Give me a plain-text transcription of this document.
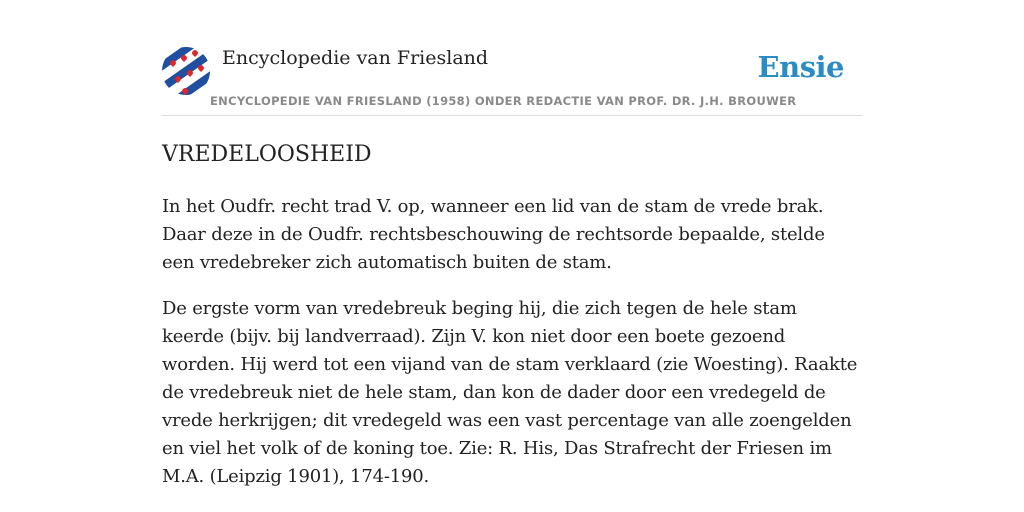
Encyclopedie van Friesland
ENCYCLOPEDIE VAN FRIESLAND (1958) ONDER REDACTIE VAN PROF. DR. J.H. BROUWER
Ensie
VREDELOOSHEID

In het Oudfr. recht trad V. op, wanneer een lid van de stam de vrede brak. Daar deze in de Oudfr. rechtsbeschouwing de rechtsorde bepaalde, stelde een vredebreker zich automatisch buiten de stam.

De ergste vorm van vredebreuk beging hij, die zich tegen de hele stam keerde (bijv. bij landverraad). Zijn V. kon niet door een boete gezoend worden. Hij werd tot een vijand van de stam verklaard (zie Woesting). Raakte de vredebreuk niet de hele stam, dan kon de dader door een vredegeld de vrede herkrijgen; dit vredegeld was een vast percentage van alle zoengelden en viel het volk of de koning toe. Zie: R. His, Das Strafrecht der Friesen im M.A. (Leipzig 1901), 174-190.
